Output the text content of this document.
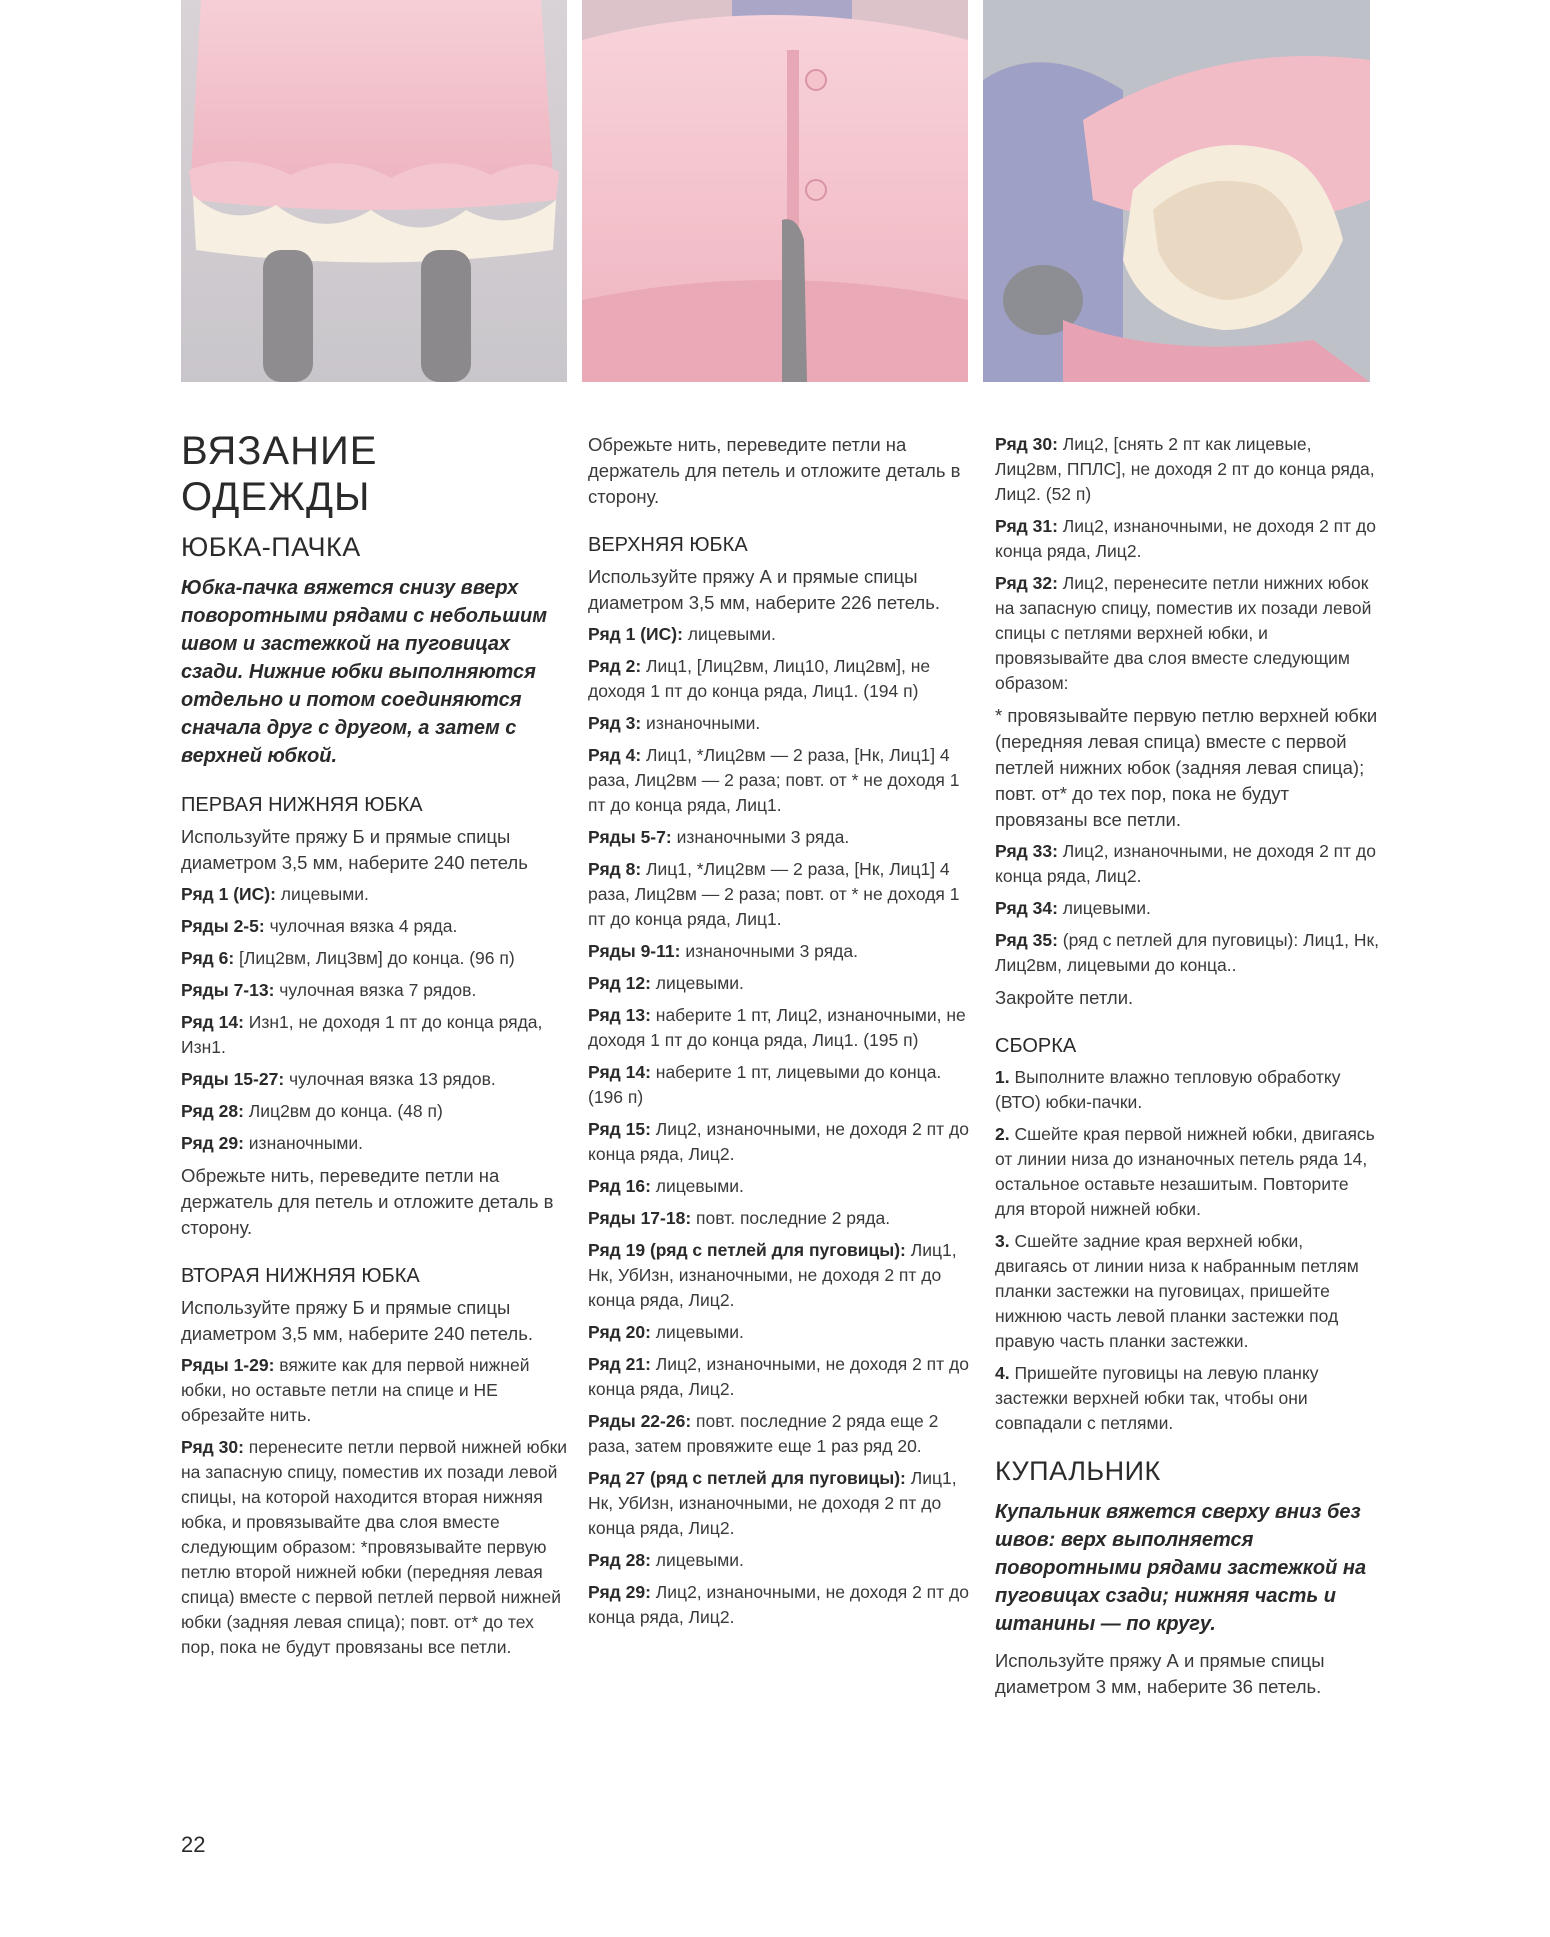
ВЯЗАНИЕ
ОДЕЖДЫ
ЮБКА-ПАЧКА
Юбка-пачка вяжется снизу вверх поворотными рядами с небольшим швом и застежкой на пуговицах сзади. Нижние юбки выполняются отдельно и потом соединяются сначала друг с другом, а затем с верхней юбкой.
ПЕРВАЯ НИЖНЯЯ ЮБКА

Используйте пряжу Б и прямые спицы диаметром 3,5 мм, наберите 240 петель

Ряд 1 (ИС): лицевыми.
Ряды 2-5: чулочная вязка 4 ряда.
Ряд 6: [Лиц2вм, Лиц3вм] до конца. (96 п)
Ряды 7-13: чулочная вязка 7 рядов.
Ряд 14: Изн1, не доходя 1 пт до конца ряда, Изн1.
Ряды 15-27: чулочная вязка 13 рядов.
Ряд 28: Лиц2вм до конца. (48 п)
Ряд 29: изнаночными.

Обрежьте нить, переведите петли на держатель для петель и отложите деталь в сторону.

ВТОРАЯ НИЖНЯЯ ЮБКА

Используйте пряжу Б и прямые спицы диаметром 3,5 мм, наберите 240 петель.

Ряды 1-29: вяжите как для первой нижней юбки, но оставьте петли на спице и НЕ обрезайте нить.
Ряд 30: перенесите петли первой нижней юбки на запасную спицу, поместив их позади левой спицы, на которой находится вторая нижняя юбка, и провязывайте два слоя вместе следующим образом: *провязывайте первую петлю второй нижней юбки (передняя левая спица) вместе с первой петлей первой нижней юбки (задняя левая спица); повт. от* до тех пор, пока не будут провязаны все петли.

Обрежьте нить, переведите петли на держатель для петель и отложите деталь в сторону.

ВЕРХНЯЯ ЮБКА

Используйте пряжу А и прямые спицы диаметром 3,5 мм, наберите 226 петель.

Ряд 1 (ИС): лицевыми.
Ряд 2: Лиц1, [Лиц2вм, Лиц10, Лиц2вм], не доходя 1 пт до конца ряда, Лиц1. (194 п)
Ряд 3: изнаночными.
Ряд 4: Лиц1, *Лиц2вм — 2 раза, [Нк, Лиц1] 4 раза, Лиц2вм — 2 раза; повт. от * не доходя 1 пт до конца ряда, Лиц1.
Ряды 5-7: изнаночными 3 ряда.
Ряд 8: Лиц1, *Лиц2вм — 2 раза, [Нк, Лиц1] 4 раза, Лиц2вм — 2 раза; повт. от * не доходя 1 пт до конца ряда, Лиц1.
Ряды 9-11: изнаночными 3 ряда.
Ряд 12: лицевыми.
Ряд 13: наберите 1 пт, Лиц2, изнаночными, не доходя 1 пт до конца ряда, Лиц1. (195 п)
Ряд 14: наберите 1 пт, лицевыми до конца. (196 п)
Ряд 15: Лиц2, изнаночными, не доходя 2 пт до конца ряда, Лиц2.
Ряд 16: лицевыми.
Ряды 17-18: повт. последние 2 ряда.
Ряд 19 (ряд с петлей для пуговицы): Лиц1, Нк, УбИзн, изнаночными, не доходя 2 пт до конца ряда, Лиц2.
Ряд 20: лицевыми.
Ряд 21: Лиц2, изнаночными, не доходя 2 пт до конца ряда, Лиц2.
Ряды 22-26: повт. последние 2 ряда еще 2 раза, затем провяжите еще 1 раз ряд 20.
Ряд 27 (ряд с петлей для пуговицы): Лиц1, Нк, УбИзн, изнаночными, не доходя 2 пт до конца ряда, Лиц2.
Ряд 28: лицевыми.
Ряд 29: Лиц2, изнаночными, не доходя 2 пт до конца ряда, Лиц2.
Ряд 30: Лиц2, [снять 2 пт как лицевые, Лиц2вм, ППЛС], не доходя 2 пт до конца ряда, Лиц2. (52 п)
Ряд 31: Лиц2, изнаночными, не доходя 2 пт до конца ряда, Лиц2.
Ряд 32: Лиц2, перенесите петли нижних юбок на запасную спицу, поместив их позади левой спицы с петлями верхней юбки, и провязывайте два слоя вместе следующим образом:

* провязывайте первую петлю верхней юбки (передняя левая спица) вместе с первой петлей нижних юбок (задняя левая спица); повт. от* до тех пор, пока не будут провязаны все петли.

Ряд 33: Лиц2, изнаночными, не доходя 2 пт до конца ряда, Лиц2.
Ряд 34: лицевыми.
Ряд 35: (ряд с петлей для пуговицы): Лиц1, Нк, Лиц2вм, лицевыми до конца..

Закройте петли.

СБОРКА
1. Выполните влажно тепловую обработку (ВТО) юбки-пачки.
2. Сшейте края первой нижней юбки, двигаясь от линии низа до изнаночных петель ряда 14, остальное оставьте незашитым. Повторите для второй нижней юбки.
3. Сшейте задние края верхней юбки, двигаясь от линии низа к набранным петлям планки застежки на пуговицах, пришейте нижнюю часть левой планки застежки под правую часть планки застежки.
4. Пришейте пуговицы на левую планку застежки верхней юбки так, чтобы они совпадали с петлями.
КУПАЛЬНИК
Купальник вяжется сверху вниз без швов: верх выполняется поворотными рядами застежкой на пуговицах сзади; нижняя часть и штанины — по кругу.

Используйте пряжу А и прямые спицы диаметром 3 мм, наберите 36 петель.

22
